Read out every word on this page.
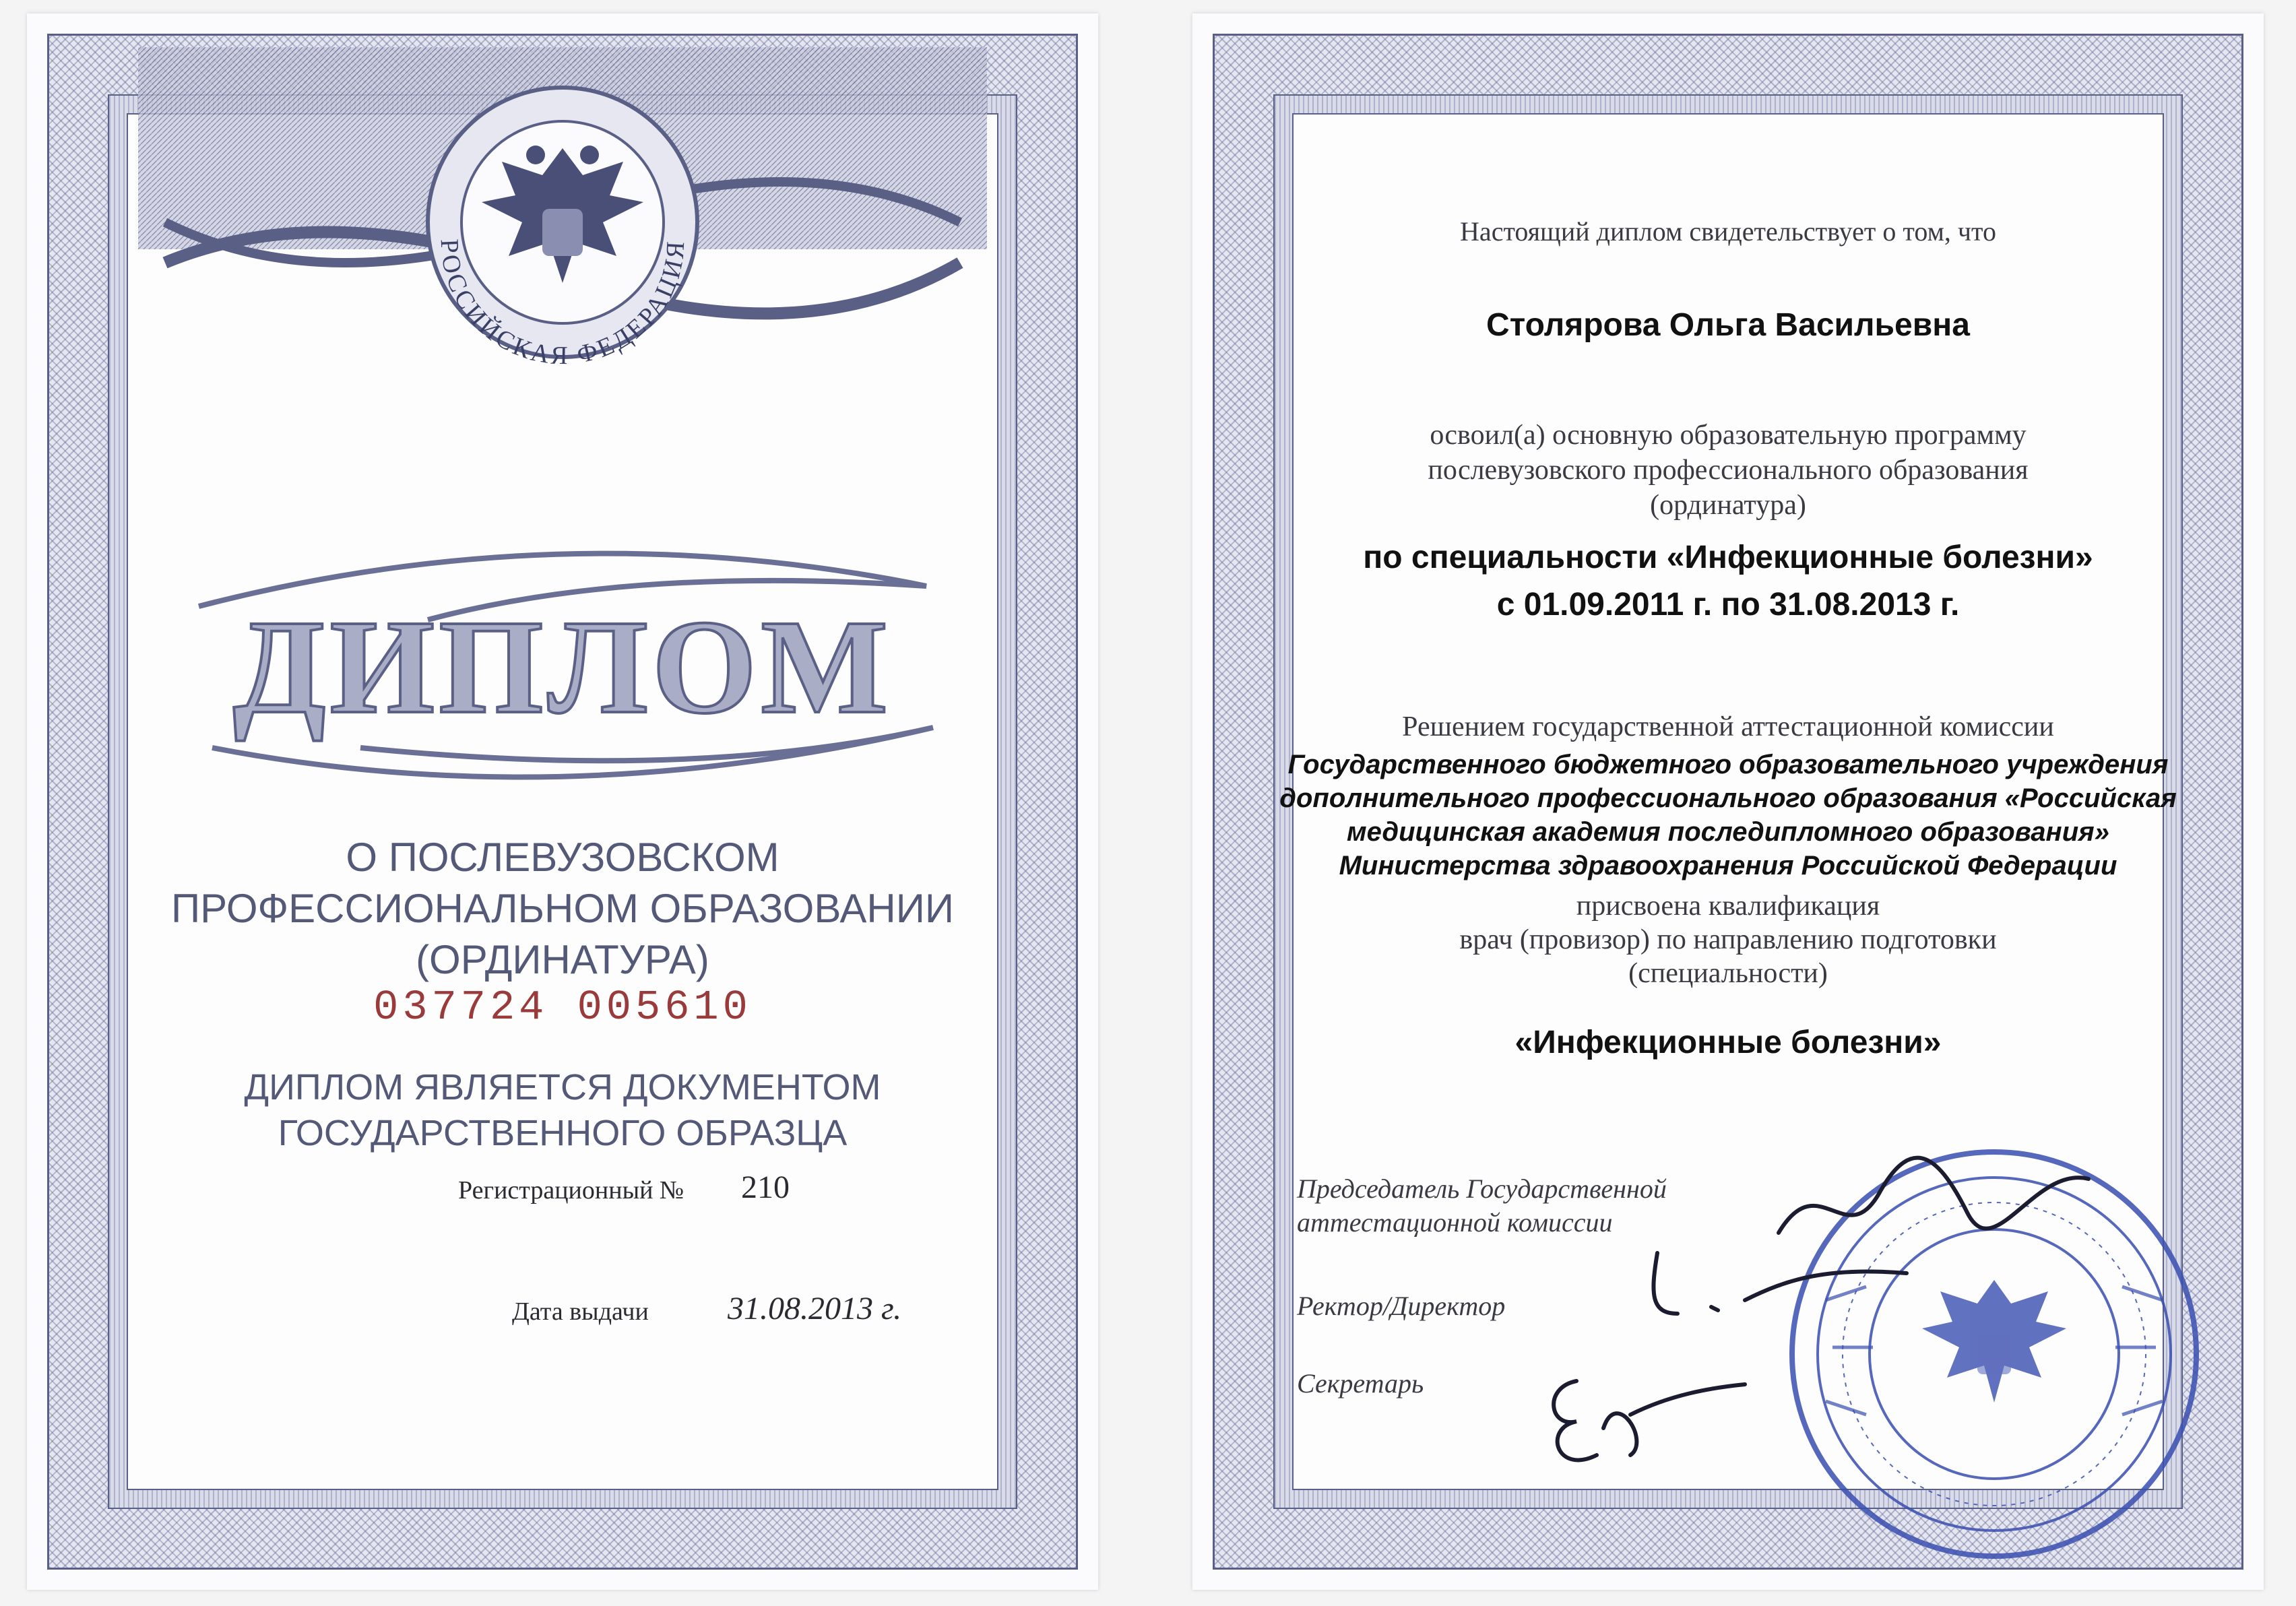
РОССИЙСКАЯ ФЕДЕРАЦИЯ
ДИПЛОМ
О ПОСЛЕВУЗОВСКОМ
ПРОФЕССИОНАЛЬНОМ ОБРАЗОВАНИИ
(ОРДИНАТУРА)
037724 005610
ДИПЛОМ ЯВЛЯЕТСЯ ДОКУМЕНТОМ
ГОСУДАРСТВЕННОГО ОБРАЗЦА
Регистрационный № 210
Дата выдачи 31.08.2013 г.
Настоящий диплом свидетельствует о том, что
Столярова Ольга Васильевна
освоил(а) основную образовательную программу
послевузовского профессионального образования
(ординатура)
по специальности «Инфекционные болезни»
с 01.09.2011 г. по 31.08.2013 г.
Решением государственной аттестационной комиссии
Государственного бюджетного образовательного учреждения
дополнительного профессионального образования «Российская
медицинская академия последипломного образования»
Министерства здравоохранения Российской Федерации
присвоена квалификация
врач (провизор) по направлению подготовки
(специальности)
«Инфекционные болезни»
Председатель Государственной
аттестационной комиссии
Ректор/Директор
Секретарь
